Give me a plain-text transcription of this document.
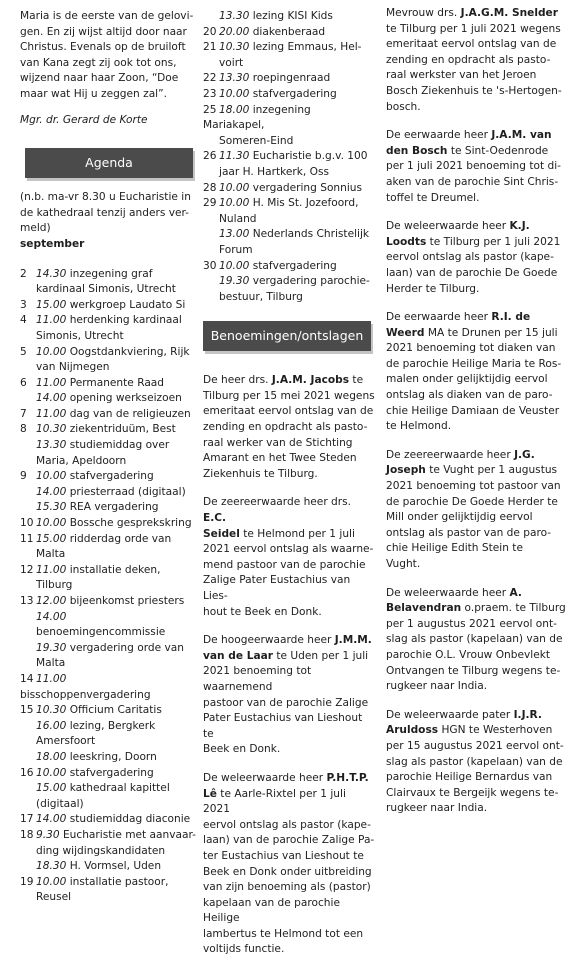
Maria is de eerste van de gelovi-
gen. En zij wijst altijd door naar
Christus. Evenals op de bruiloft
van Kana zegt zij ook tot ons,
wijzend naar haar Zoon, “Doe
maar wat Hij u zeggen zal”.
Mgr. dr. Gerard de Korte
Agenda
(n.b. ma-vr 8.30 u Eucharistie in
de kathedraal tenzij anders ver-
meld)
september
2 14.30 inzegening graf
kardinaal Simonis, Utrecht
3 15.00 werkgroep Laudato Si
4 11.00 herdenking kardinaal
Simonis, Utrecht
5 10.00 Oogstdankviering, Rijk
van Nijmegen
6 11.00 Permanente Raad
14.00 opening werkseizoen
7 11.00 dag van de religieuzen
8 10.30 ziekentriduüm, Best
13.30 studiemiddag over
Maria, Apeldoorn
9 10.00 stafvergadering
14.00 priesterraad (digitaal)
15.30 REA vergadering
10 10.00 Bossche gesprekskring
11 15.00 ridderdag orde van
Malta
12 11.00 installatie deken,
Tilburg
13 12.00 bijeenkomst priesters
14.00 benoemingencommissie
19.30 vergadering orde van
Malta
14 11.00 bisschoppenvergadering
15 10.30 Officium Caritatis
16.00 lezing, Bergkerk
Amersfoort
18.00 leeskring, Doorn
16 10.00 stafvergadering
15.00 kathedraal kapittel
(digitaal)
17 14.00 studiemiddag diaconie
18 9.30 Eucharistie met aanvaar-
ding wijdingskandidaten
18.30 H. Vormsel, Uden
19 10.00 installatie pastoor,
Reusel
13.30 lezing KISI Kids
20 20.00 diakenberaad
21 10.30 lezing Emmaus, Hel-
voirt
22 13.30 roepingenraad
23 10.00 stafvergadering
25 18.00 inzegening Mariakapel,
Someren-Eind
26 11.30 Eucharistie b.g.v. 100
jaar H. Hartkerk, Oss
28 10.00 vergadering Sonnius
29 10.00 H. Mis St. Jozefoord,
Nuland
13.00 Nederlands Christelijk
Forum
30 10.00 stafvergadering
19.30 vergadering parochie-
bestuur, Tilburg
Benoemingen/ontslagen
De heer drs. J.A.M. Jacobs te
Tilburg per 15 mei 2021 wegens
emeritaat eervol ontslag van de
zending en opdracht als pasto-
raal werker van de Stichting
Amarant en het Twee Steden
Ziekenhuis te Tilburg.
De zeereerwaarde heer drs. E.C.
Seidel te Helmond per 1 juli
2021 eervol ontslag als waarne-
mend pastoor van de parochie
Zalige Pater Eustachius van Lies-
hout te Beek en Donk.
De hoogeerwaarde heer J.M.M.
van de Laar te Uden per 1 juli
2021 benoeming tot waarnemend
pastoor van de parochie Zalige
Pater Eustachius van Lieshout te
Beek en Donk.
De weleerwaarde heer P.H.T.P.
Lê te Aarle-Rixtel per 1 juli 2021
eervol ontslag als pastor (kape-
laan) van de parochie Zalige Pa-
ter Eustachius van Lieshout te
Beek en Donk onder uitbreiding
van zijn benoeming als (pastor)
kapelaan van de parochie Heilige
lambertus te Helmond tot een
voltijds functie.
Mevrouw drs. J.A.G.M. Snelder
te Tilburg per 1 juli 2021 wegens
emeritaat eervol ontslag van de
zending en opdracht als pasto-
raal werkster van het Jeroen
Bosch Ziekenhuis te 's-Hertogen-
bosch.
De eerwaarde heer J.A.M. van
den Bosch te Sint-Oedenrode
per 1 juli 2021 benoeming tot di-
aken van de parochie Sint Chris-
toffel te Dreumel.
De weleerwaarde heer K.J.
Loodts te Tilburg per 1 juli 2021
eervol ontslag als pastor (kape-
laan) van de parochie De Goede
Herder te Tilburg.
De eerwaarde heer R.I. de
Weerd MA te Drunen per 15 juli
2021 benoeming tot diaken van
de parochie Heilige Maria te Ros-
malen onder gelijktijdig eervol
ontslag als diaken van de paro-
chie Heilige Damiaan de Veuster
te Helmond.
De zeereerwaarde heer J.G.
Joseph te Vught per 1 augustus
2021 benoeming tot pastoor van
de parochie De Goede Herder te
Mill onder gelijktijdig eervol
ontslag als pastor van de paro-
chie Heilige Edith Stein te
Vught.
De weleerwaarde heer A.
Belavendran o.praem. te Tilburg
per 1 augustus 2021 eervol ont-
slag als pastor (kapelaan) van de
parochie O.L. Vrouw Onbevlekt
Ontvangen te Tilburg wegens te-
rugkeer naar India.
De weleerwaarde pater I.J.R.
Aruldoss HGN te Westerhoven
per 15 augustus 2021 eervol ont-
slag als pastor (kapelaan) van de
parochie Heilige Bernardus van
Clairvaux te Bergeijk wegens te-
rugkeer naar India.
